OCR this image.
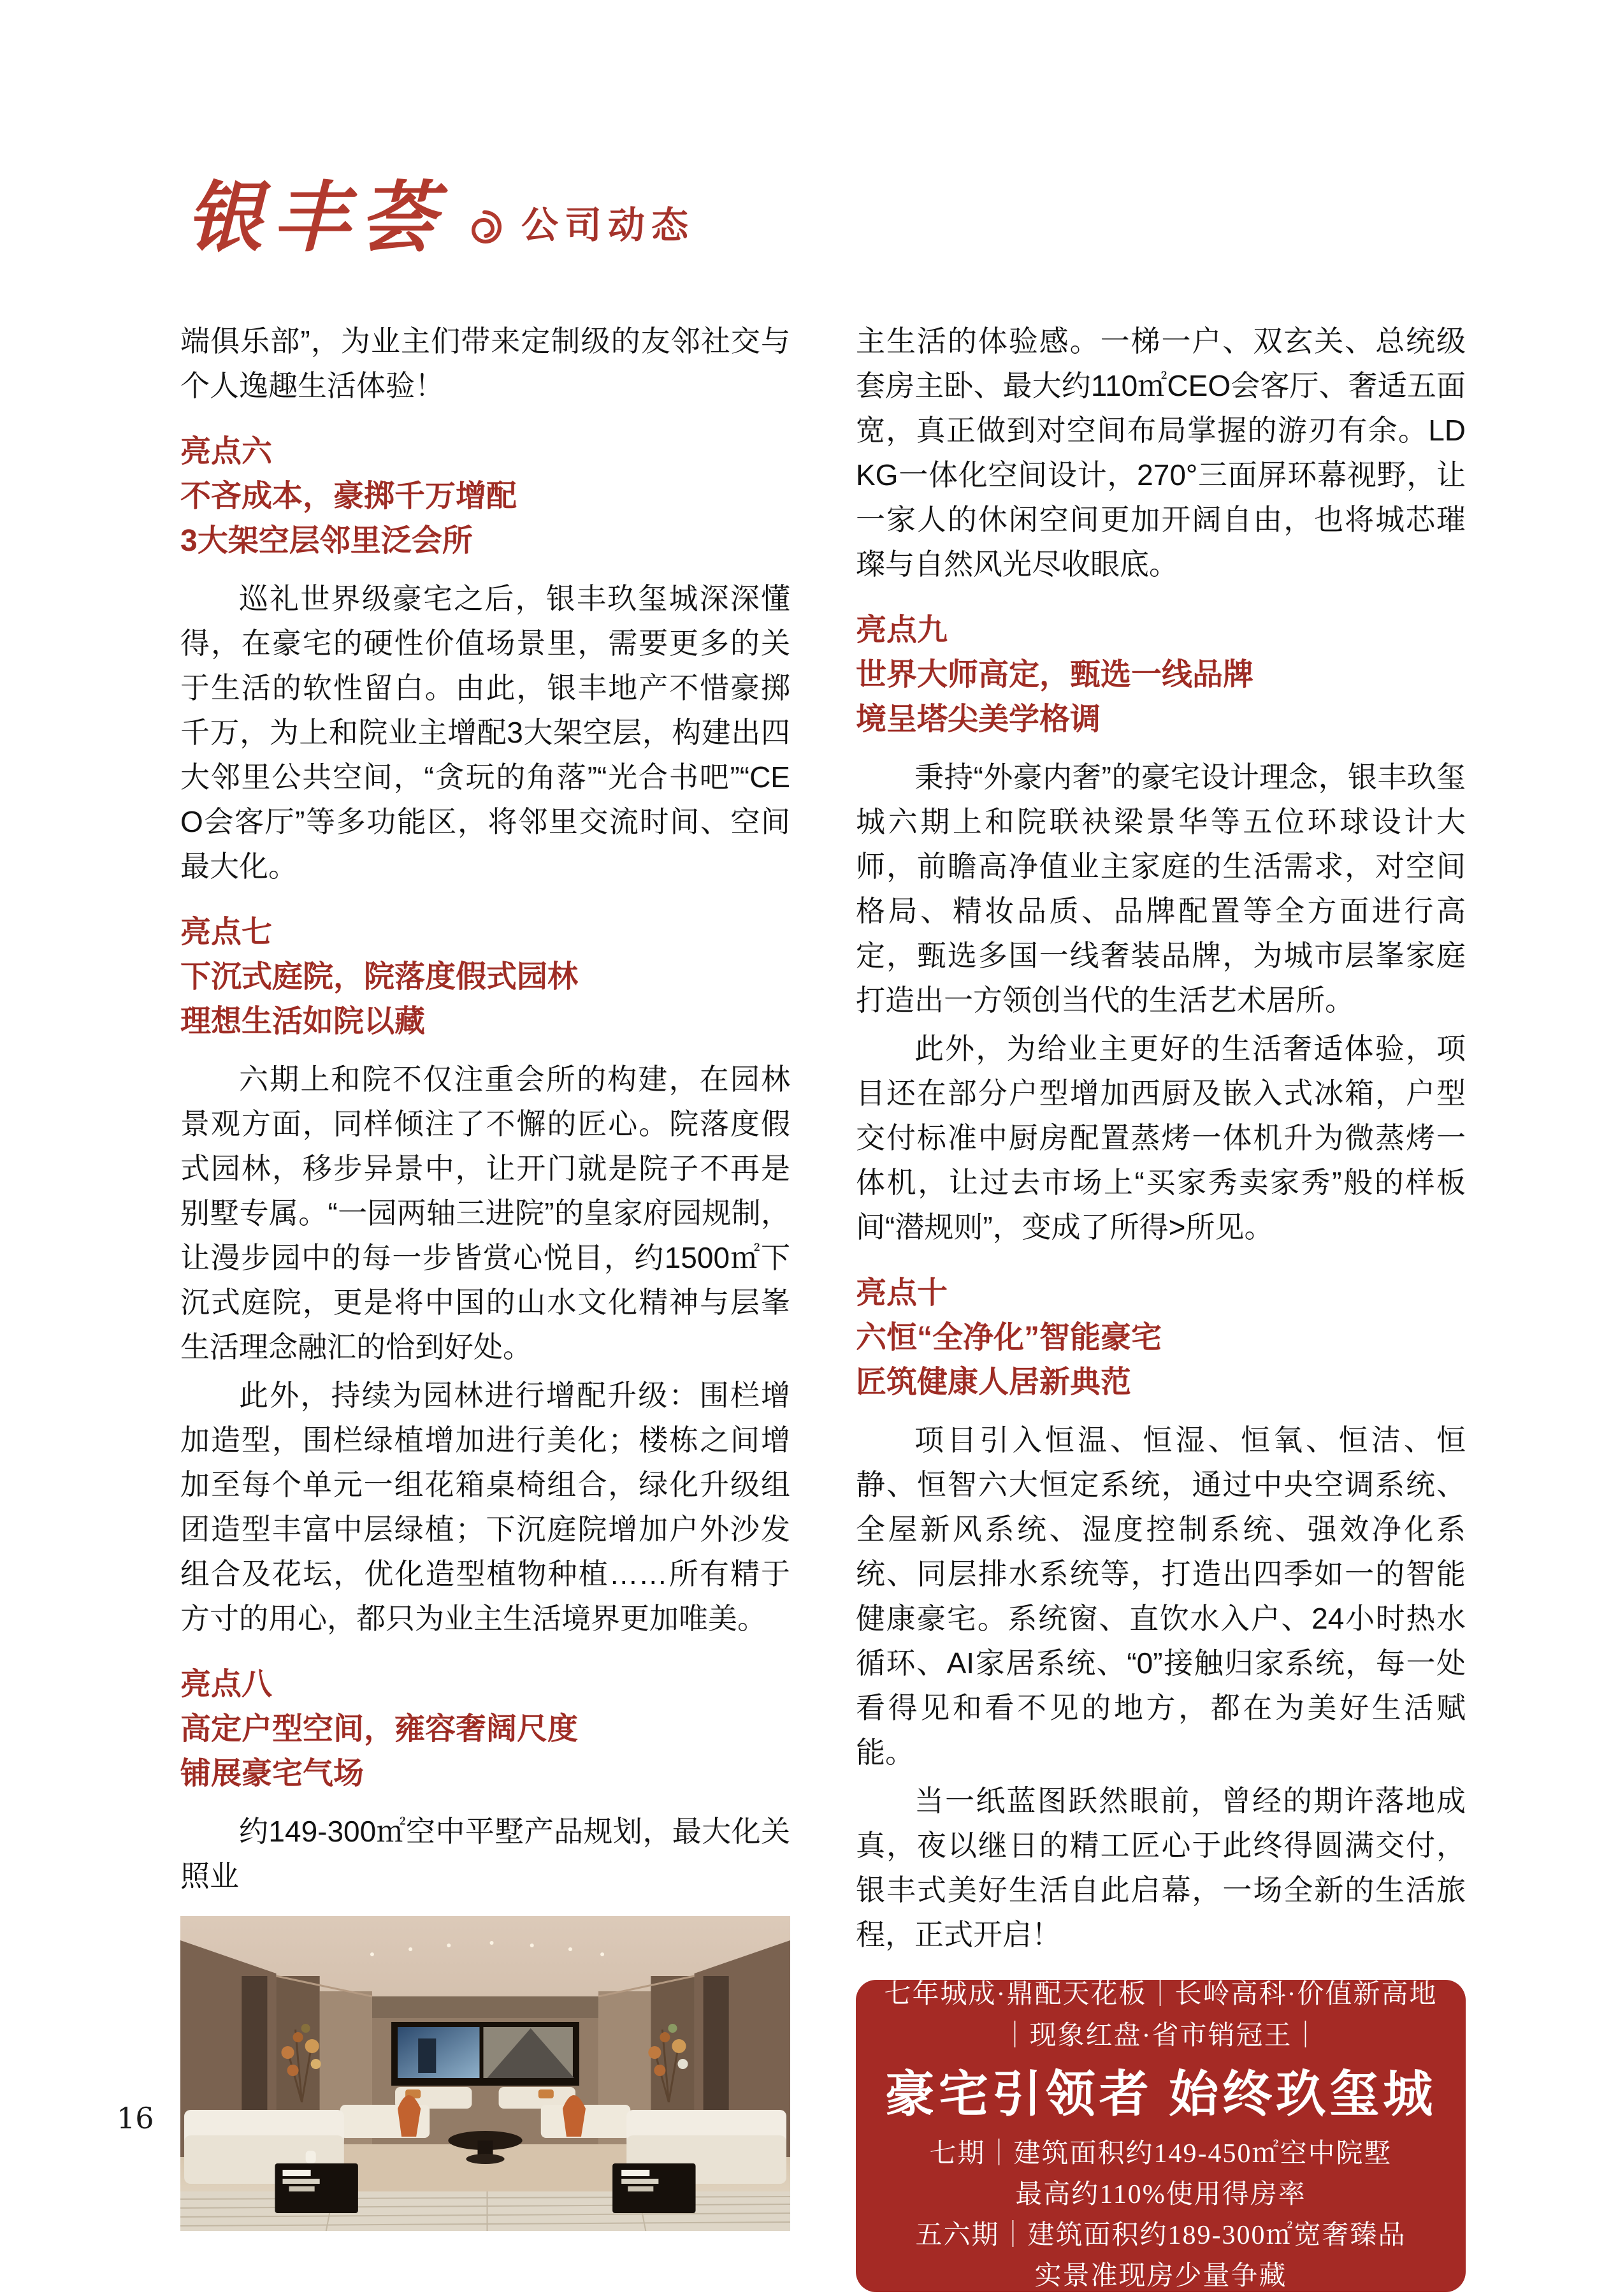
银丰荟 公司动态

端俱乐部”，为业主们带来定制级的友邻社交与个人逸趣生活体验！

亮点六
不吝成本，豪掷千万增配
3大架空层邻里泛会所

巡礼世界级豪宅之后，银丰玖玺城深深懂得，在豪宅的硬性价值场景里，需要更多的关于生活的软性留白。由此，银丰地产不惜豪掷千万，为上和院业主增配3大架空层，构建出四大邻里公共空间，“贪玩的角落”“光合书吧”“CEO会客厅”等多功能区，将邻里交流时间、空间最大化。

亮点七
下沉式庭院，院落度假式园林
理想生活如院以藏

六期上和院不仅注重会所的构建，在园林景观方面，同样倾注了不懈的匠心。院落度假式园林，移步异景中，让开门就是院子不再是别墅专属。“一园两轴三进院”的皇家府园规制，让漫步园中的每一步皆赏心悦目，约1500㎡下沉式庭院，更是将中国的山水文化精神与层峯生活理念融汇的恰到好处。

此外，持续为园林进行增配升级：围栏增加造型，围栏绿植增加进行美化；楼栋之间增加至每个单元一组花箱桌椅组合，绿化升级组团造型丰富中层绿植；下沉庭院增加户外沙发组合及花坛，优化造型植物种植……所有精于方寸的用心，都只为业主生活境界更加唯美。

亮点八
高定户型空间，雍容奢阔尺度
铺展豪宅气场

约149-300㎡空中平墅产品规划，最大化关照业

主生活的体验感。一梯一户、双玄关、总统级套房主卧、最大约110㎡CEO会客厅、奢适五面宽，真正做到对空间布局掌握的游刃有余。LDKG一体化空间设计，270°三面屏环幕视野，让一家人的休闲空间更加开阔自由，也将城芯璀璨与自然风光尽收眼底。

亮点九
世界大师高定，甄选一线品牌
境呈塔尖美学格调

秉持“外豪内奢”的豪宅设计理念，银丰玖玺城六期上和院联袂梁景华等五位环球设计大师，前瞻高净值业主家庭的生活需求，对空间格局、精妆品质、品牌配置等全方面进行高定，甄选多国一线奢装品牌，为城市层峯家庭打造出一方领创当代的生活艺术居所。

此外，为给业主更好的生活奢适体验，项目还在部分户型增加西厨及嵌入式冰箱，户型交付标准中厨房配置蒸烤一体机升为微蒸烤一体机，让过去市场上“买家秀卖家秀”般的样板间“潜规则”，变成了所得>所见。

亮点十
六恒“全净化”智能豪宅
匠筑健康人居新典范

项目引入恒温、恒湿、恒氧、恒洁、恒静、恒智六大恒定系统，通过中央空调系统、全屋新风系统、湿度控制系统、强效净化系统、同层排水系统等，打造出四季如一的智能健康豪宅。系统窗、直饮水入户、24小时热水循环、AI家居系统、“0”接触归家系统，每一处看得见和看不见的地方，都在为美好生活赋能。

当一纸蓝图跃然眼前，曾经的期许落地成真，夜以继日的精工匠心于此终得圆满交付，银丰式美好生活自此启幕，一场全新的生活旅程，正式开启！

七年城成·鼎配天花板｜长岭高科·价值新高地
｜现象红盘·省市销冠王｜
豪宅引领者 始终玖玺城
七期｜建筑面积约149-450㎡空中院墅
最高约110%使用得房率
五六期｜建筑面积约189-300㎡宽奢臻品
实景准现房少量争藏
16
